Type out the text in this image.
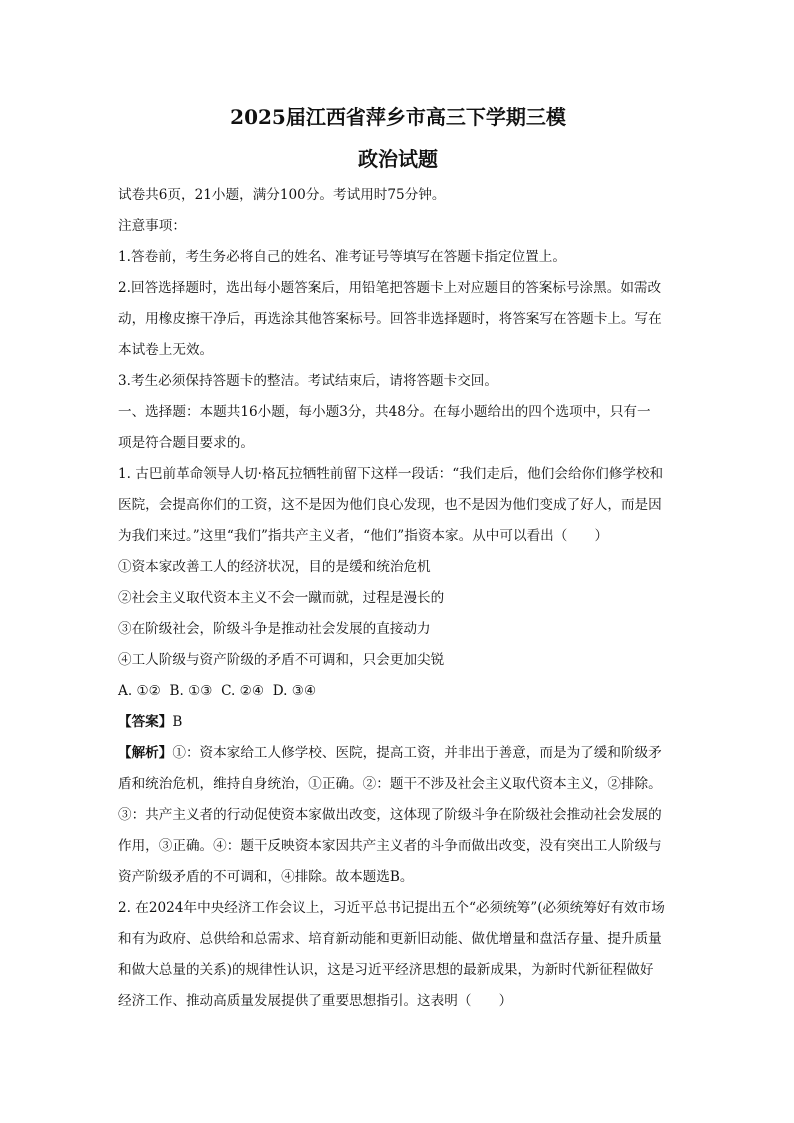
2025届江西省萍乡市高三下学期三模
政治试题

试卷共6页，21小题，满分100分。考试用时75分钟。

注意事项：

1.答卷前，考生务必将自己的姓名、准考证号等填写在答题卡指定位置上。

2.回答选择题时，选出每小题答案后，用铅笔把答题卡上对应题目的答案标号涂黑。如需改

动，用橡皮擦干净后，再选涂其他答案标号。回答非选择题时，将答案写在答题卡上。写在

本试卷上无效。

3.考生必须保持答题卡的整洁。考试结束后，请将答题卡交回。

一、选择题：本题共16小题，每小题3分，共48分。在每小题给出的四个选项中，只有一

项是符合题目要求的。

1. 古巴前革命领导人切·格瓦拉牺牲前留下这样一段话：“我们走后，他们会给你们修学校和

医院，会提高你们的工资，这不是因为他们良心发现，也不是因为他们变成了好人，而是因

为我们来过。”这里“我们”指共产主义者，“他们”指资本家。从中可以看出（　　）

①资本家改善工人的经济状况，目的是缓和统治危机

②社会主义取代资本主义不会一蹴而就，过程是漫长的

③在阶级社会，阶级斗争是推动社会发展的直接动力

④工人阶级与资产阶级的矛盾不可调和，只会更加尖锐

A. ①②  B. ①③  C. ②④  D. ③④

【答案】B

【解析】①：资本家给工人修学校、医院，提高工资，并非出于善意，而是为了缓和阶级矛

盾和统治危机，维持自身统治，①正确。②：题干不涉及社会主义取代资本主义，②排除。

③：共产主义者的行动促使资本家做出改变，这体现了阶级斗争在阶级社会推动社会发展的

作用，③正确。④：题干反映资本家因共产主义者的斗争而做出改变，没有突出工人阶级与

资产阶级矛盾的不可调和，④排除。故本题选B。

2. 在2024年中央经济工作会议上，习近平总书记提出五个“必须统筹”(必须统筹好有效市场

和有为政府、总供给和总需求、培育新动能和更新旧动能、做优增量和盘活存量、提升质量

和做大总量的关系)的规律性认识，这是习近平经济思想的最新成果，为新时代新征程做好

经济工作、推动高质量发展提供了重要思想指引。这表明（　　）
